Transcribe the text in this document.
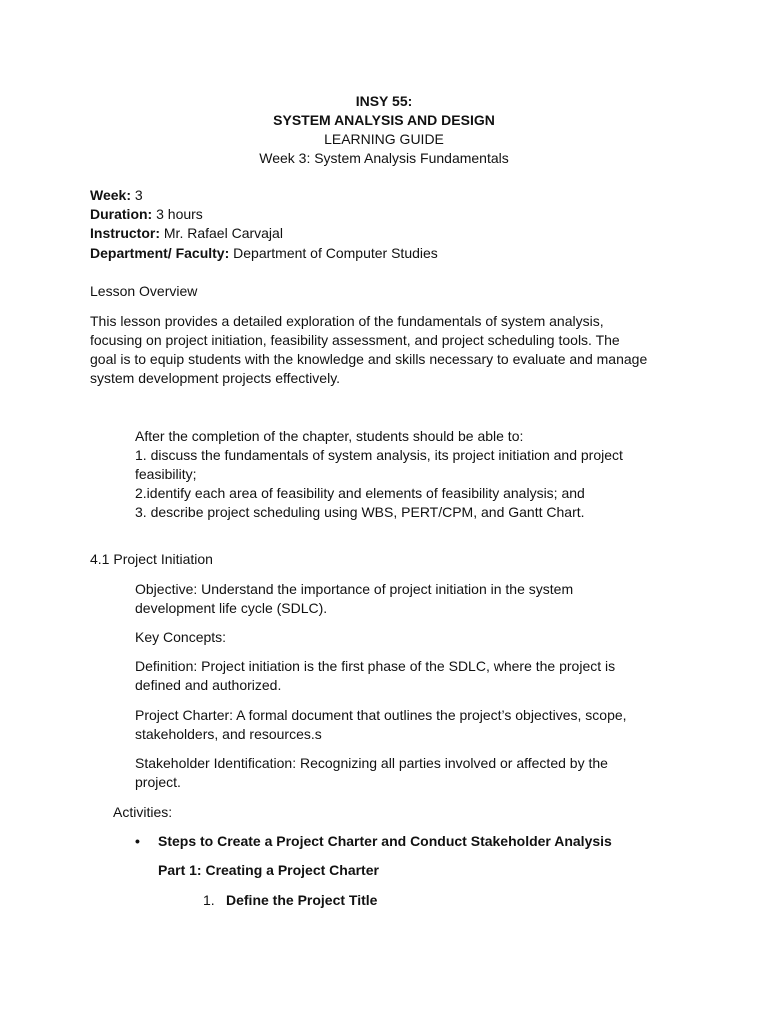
INSY 55:
SYSTEM ANALYSIS AND DESIGN
LEARNING GUIDE
Week 3: System Analysis Fundamentals
Week: 3
Duration: 3 hours
Instructor: Mr. Rafael Carvajal
Department/ Faculty: Department of Computer Studies
Lesson Overview
This lesson provides a detailed exploration of the fundamentals of system analysis,
focusing on project initiation, feasibility assessment, and project scheduling tools. The
goal is to equip students with the knowledge and skills necessary to evaluate and manage
system development projects effectively.
After the completion of the chapter, students should be able to:
1. discuss the fundamentals of system analysis, its project initiation and project
feasibility;
2.identify each area of feasibility and elements of feasibility analysis; and
3. describe project scheduling using WBS, PERT/CPM, and Gantt Chart.
4.1 Project Initiation
Objective: Understand the importance of project initiation in the system
development life cycle (SDLC).
Key Concepts:
Definition: Project initiation is the first phase of the SDLC, where the project is
defined and authorized.
Project Charter: A formal document that outlines the project’s objectives, scope,
stakeholders, and resources.s
Stakeholder Identification: Recognizing all parties involved or affected by the
project.
Activities:
•	Steps to Create a Project Charter and Conduct Stakeholder Analysis
Part 1: Creating a Project Charter
1. Define the Project Title
